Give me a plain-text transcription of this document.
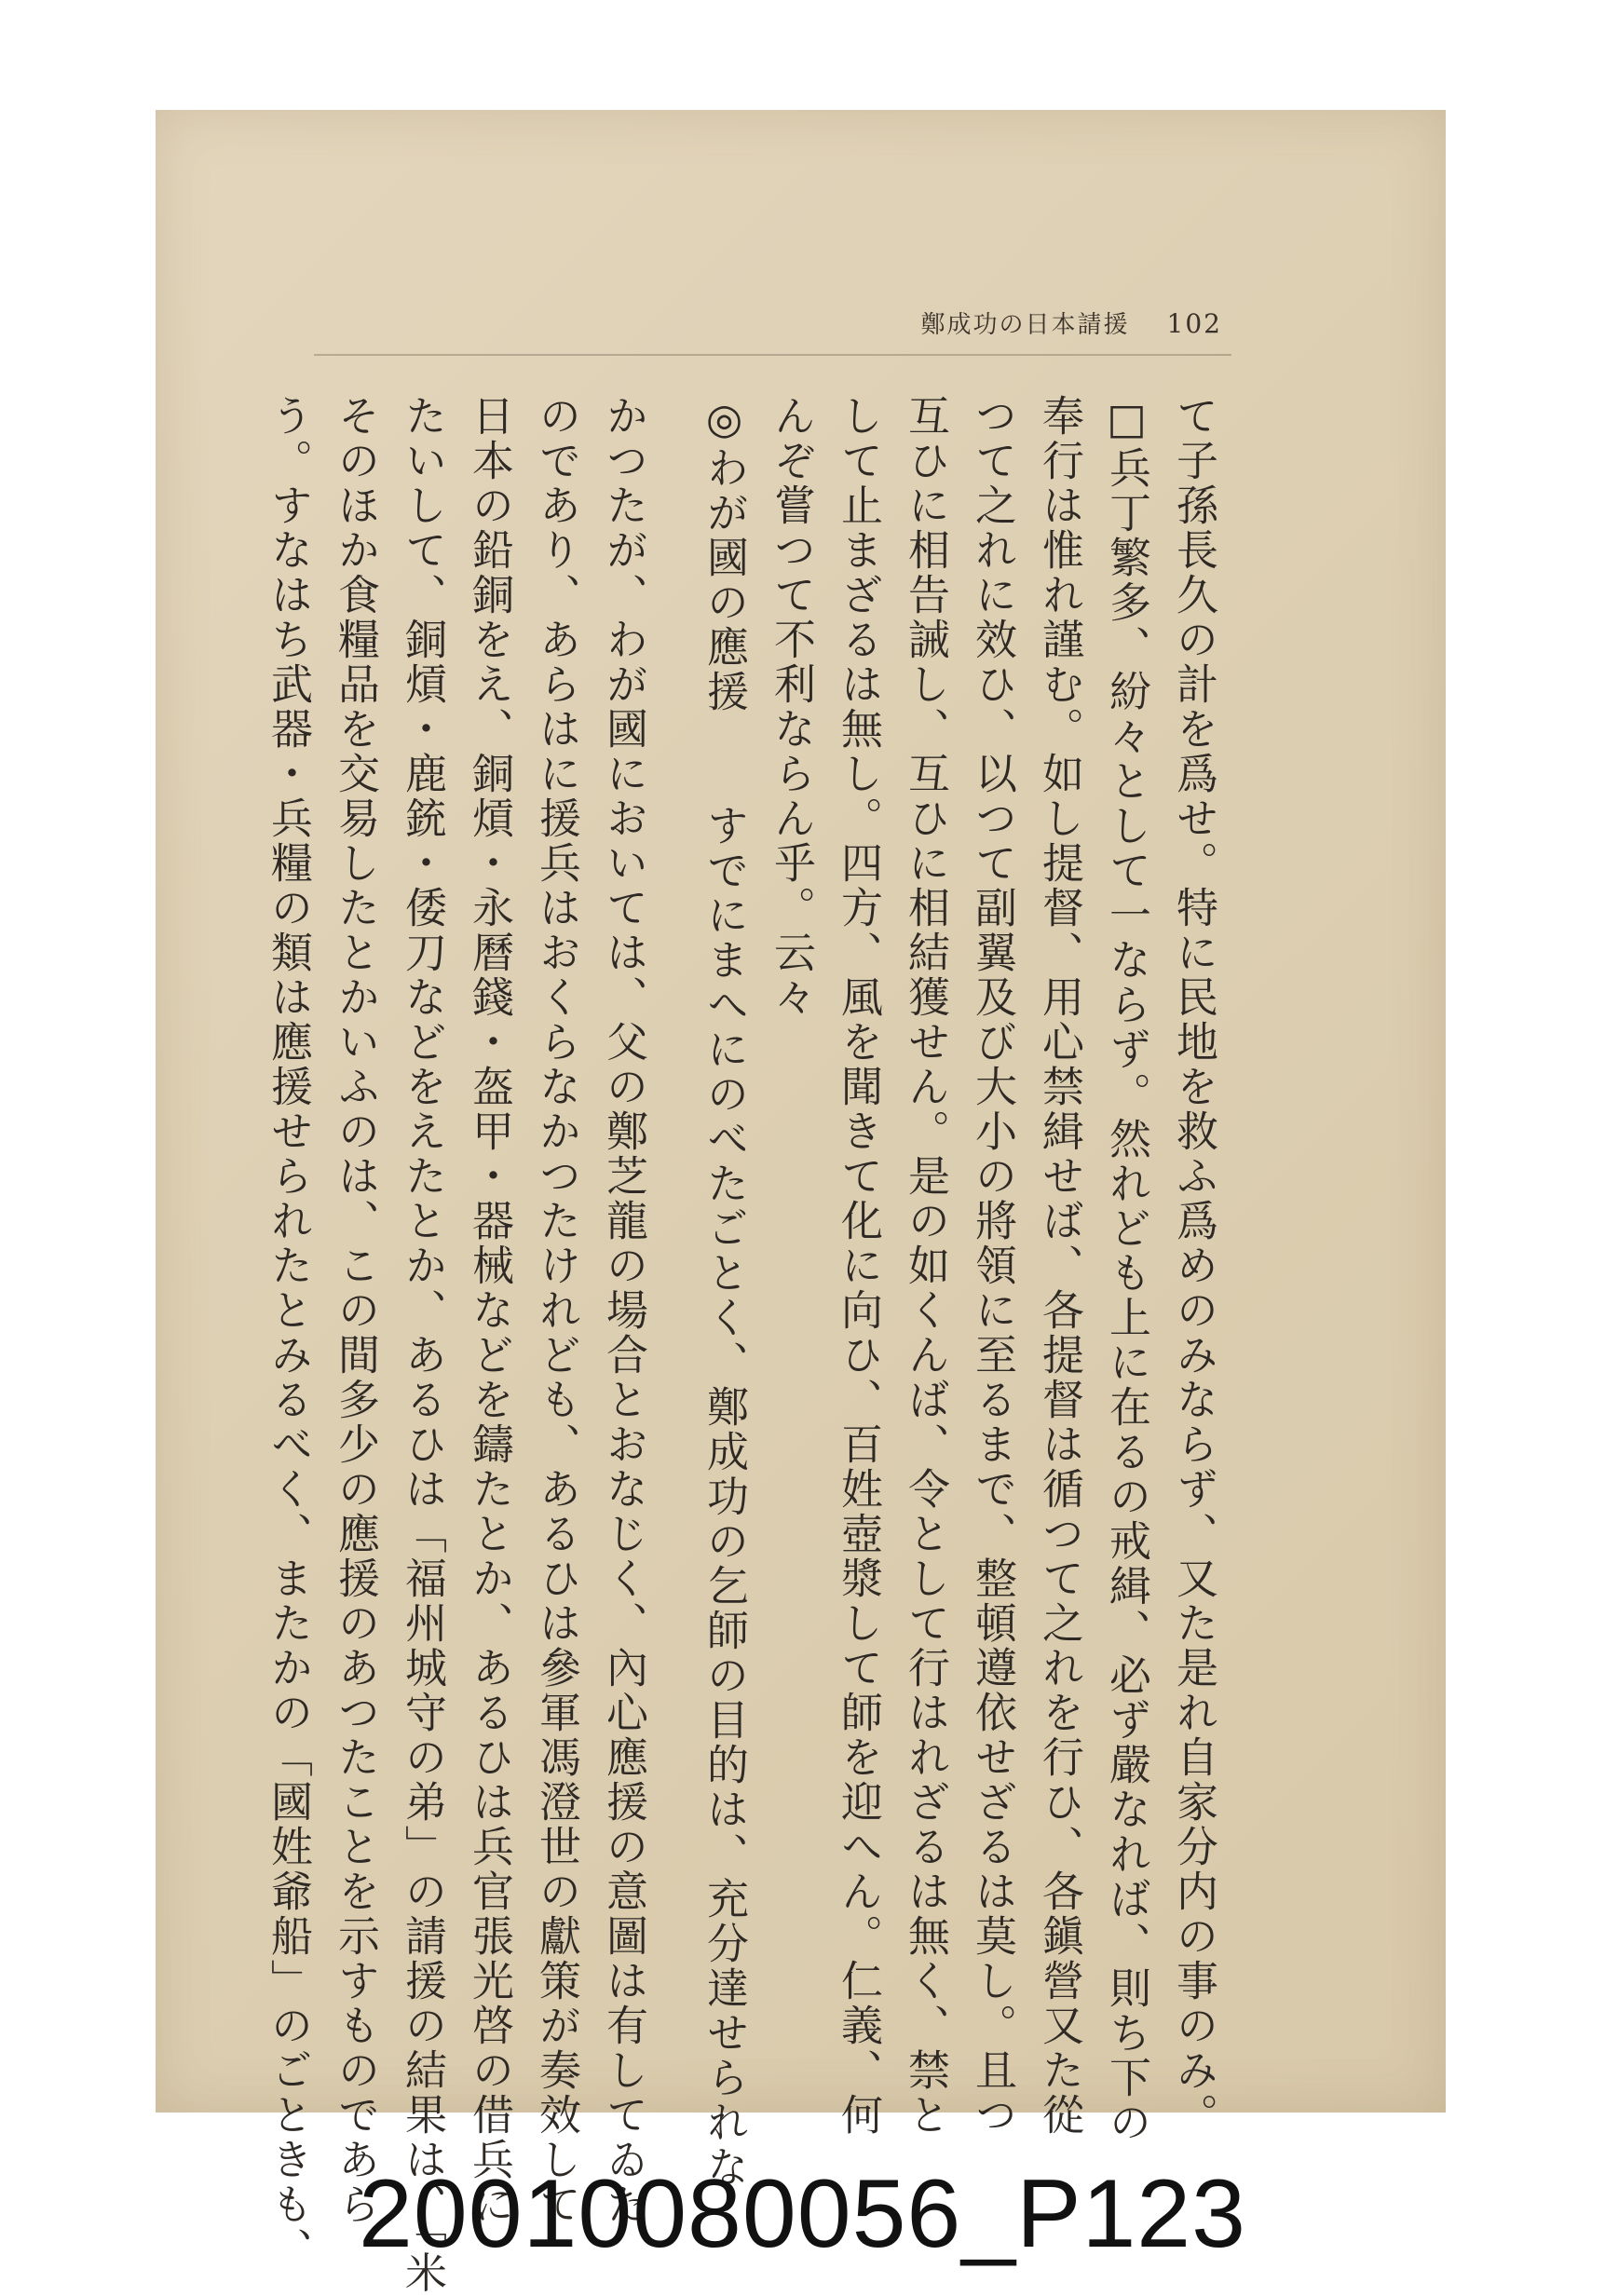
鄭成功の日本請援 102

て子孫長久の計を爲せ。特に民地を救ふ爲めのみならず、又た是れ自家分内の事のみ。

□兵丁繁多、紛々として一ならず。然れども上に在るの戒緝、必ず嚴なれば、則ち下の

奉行は惟れ謹む。如し提督、用心禁緝せば、各提督は循つて之れを行ひ、各鎭營又た從

つて之れに效ひ、以つて副翼及び大小の將領に至るまで、整頓遵依せざるは莫し。且つ

互ひに相告誡し、互ひに相結獲せん。是の如くんば、令として行はれざるは無く、禁と

して止まざるは無し。四方、風を聞きて化に向ひ、百姓壺漿して師を迎へん。仁義、何

んぞ嘗つて不利ならん乎。云々

◎わが國の應援　　すでにまへにのべたごとく、鄭成功の乞師の目的は、充分達せられな

かつたが、わが國においては、父の鄭芝龍の場合とおなじく、內心應援の意圖は有してゐた

のであり、あらはに援兵はおくらなかつたけれども、あるひは參軍馮澄世の獻策が奏效して

日本の鉛銅をえ、銅熕・永曆錢・盔甲・器械などを鑄たとか、あるひは兵官張光啓の借兵に

たいして、銅熕・鹿銃・倭刀などをえたとか、あるひは「福州城守の弟」の請援の結果は、「米

そのほか食糧品を交易したとかいふのは、この間多少の應援のあつたことを示すものであら

う。すなはち武器・兵糧の類は應援せられたとみるべく、またかの「國姓爺船」のごときも、 20010080056_P123
